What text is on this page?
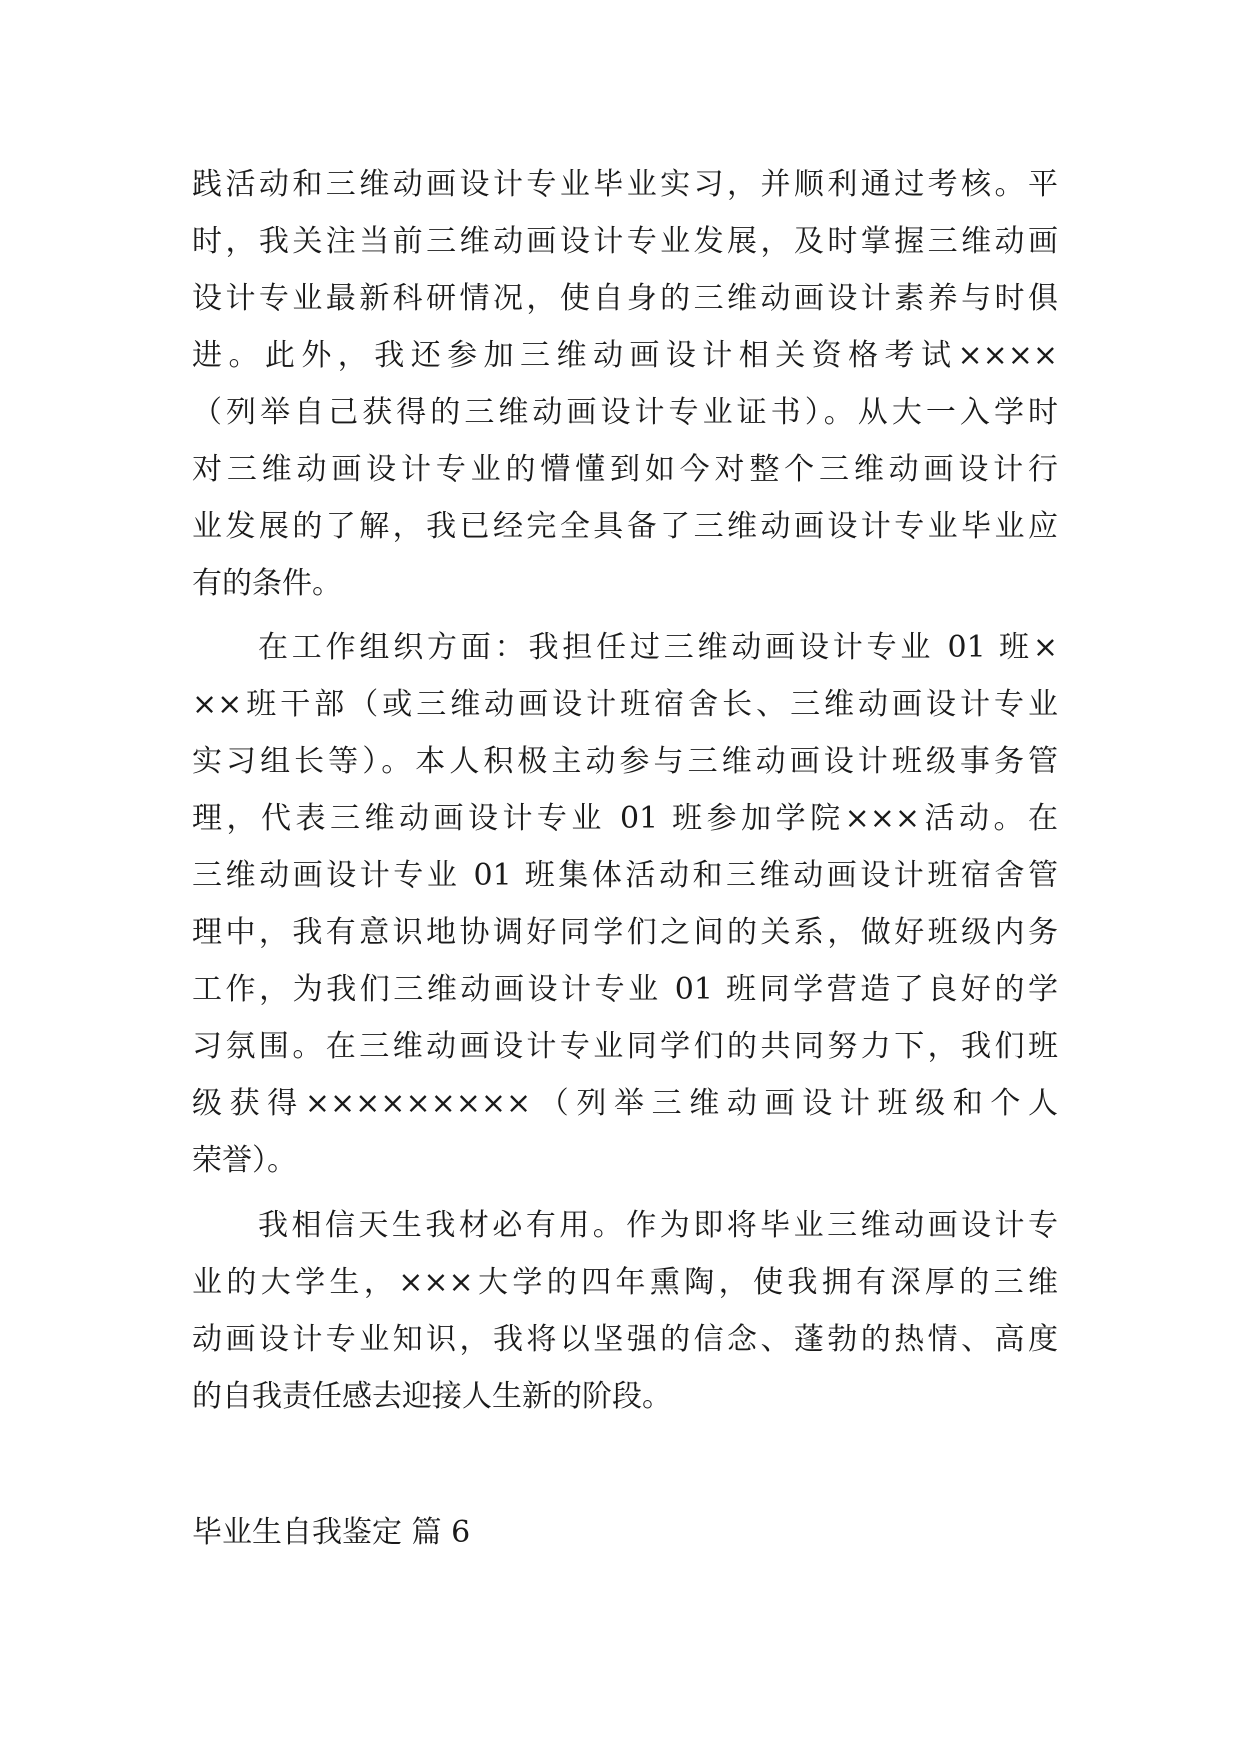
践活动和三维动画设计专业毕业实习，并顺利通过考核。平
时，我关注当前三维动画设计专业发展，及时掌握三维动画
设计专业最新科研情况，使自身的三维动画设计素养与时俱
进。此外，我还参加三维动画设计相关资格考试××××
（列举自己获得的三维动画设计专业证书）。从大一入学时
对三维动画设计专业的懵懂到如今对整个三维动画设计行
业发展的了解，我已经完全具备了三维动画设计专业毕业应
有的条件。
在工作组织方面：我担任过三维动画设计专业 01 班×
××班干部（或三维动画设计班宿舍长、三维动画设计专业
实习组长等）。本人积极主动参与三维动画设计班级事务管
理，代表三维动画设计专业 01 班参加学院×××活动。在
三维动画设计专业 01 班集体活动和三维动画设计班宿舍管
理中，我有意识地协调好同学们之间的关系，做好班级内务
工作，为我们三维动画设计专业 01 班同学营造了良好的学
习氛围。在三维动画设计专业同学们的共同努力下，我们班
级获得×××××××××（列举三维动画设计班级和个人
荣誉）。
我相信天生我材必有用。作为即将毕业三维动画设计专
业的大学生，×××大学的四年熏陶，使我拥有深厚的三维
动画设计专业知识，我将以坚强的信念、蓬勃的热情、高度
的自我责任感去迎接人生新的阶段。
毕业生自我鉴定 篇 6
